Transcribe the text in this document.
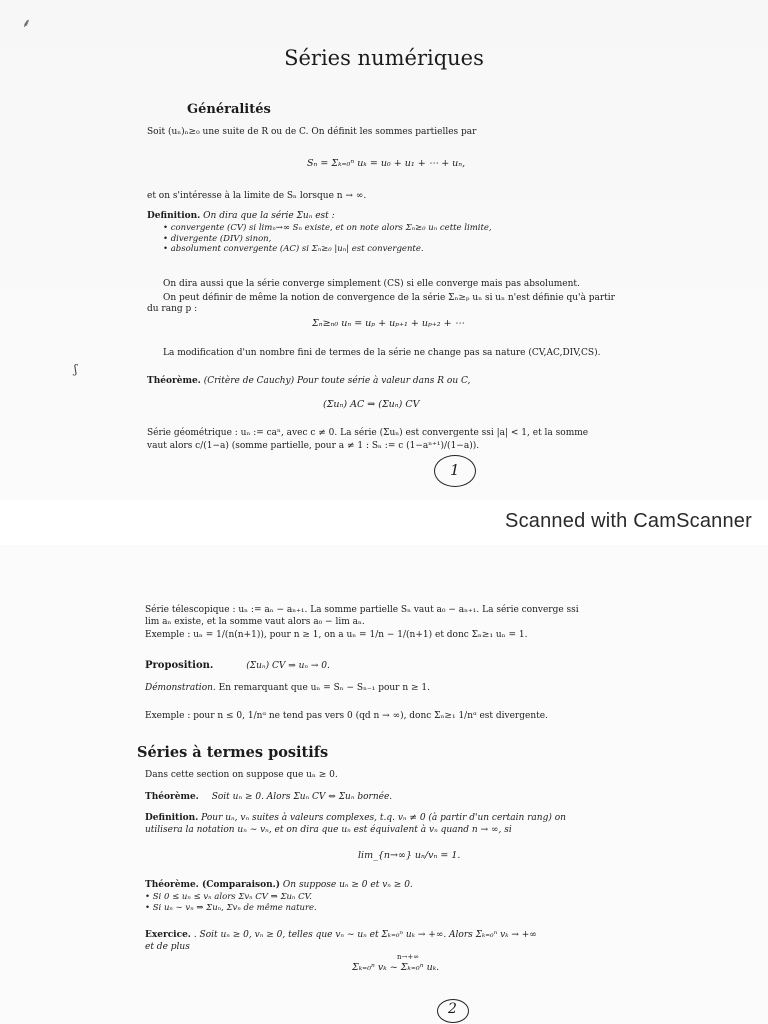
⸙
Séries numériques
Généralités
Soit (uₙ)ₙ≥₀ une suite de R ou de C. On définit les sommes partielles par
Sₙ = Σₖ₌₀ⁿ uₖ = u₀ + u₁ + ⋯ + uₙ,
et on s'intéresse à la limite de Sₙ lorsque n → ∞.
Definition. On dira que la série Σuₙ est :
• convergente (CV) si limₙ→∞ Sₙ existe, et on note alors Σₙ≥₀ uₙ cette limite,
• divergente (DIV) sinon,
• absolument convergente (AC) si Σₙ≥₀ |uₙ| est convergente.
On dira aussi que la série converge simplement (CS) si elle converge mais pas absolument.
On peut définir de même la notion de convergence de la série Σₙ≥ₚ uₙ si uₙ n'est définie qu'à partir
du rang p :
Σₙ≥ₙ₀ uₙ = uₚ + uₚ₊₁ + uₚ₊₂ + ⋯
La modification d'un nombre fini de termes de la série ne change pas sa nature (CV,AC,DIV,CS).
ʃ
Théorème. (Critère de Cauchy) Pour toute série à valeur dans R ou C,
(Σuₙ) AC ⇒ (Σuₙ) CV
Série géométrique : uₙ := caⁿ, avec c ≠ 0. La série (Σuₙ) est convergente ssi |a| < 1, et la somme
vaut alors c/(1−a) (somme partielle, pour a ≠ 1 : Sₙ := c (1−aⁿ⁺¹)/(1−a)).
1
Scanned with CamScanner
Série télescopique : uₙ := aₙ − aₙ₊₁. La somme partielle Sₙ vaut a₀ − aₙ₊₁. La série converge ssi
lim aₙ existe, et la somme vaut alors a₀ − lim aₙ.
Exemple : uₙ = 1/(n(n+1)), pour n ≥ 1, on a uₙ = 1/n − 1/(n+1) et donc Σₙ≥₁ uₙ = 1.
Proposition.	(Σuₙ) CV ⇒ uₙ → 0.
Démonstration. En remarquant que uₙ = Sₙ − Sₙ₋₁ pour n ≥ 1.
Exemple : pour n ≤ 0, 1/nᵅ ne tend pas vers 0 (qd n → ∞), donc Σₙ≥₁ 1/nᵅ est divergente.
Séries à termes positifs
Dans cette section on suppose que uₙ ≥ 0.
Théorème. Soit uₙ ≥ 0. Alors Σuₙ CV ⇔ Σuₙ bornée.
Definition. Pour uₙ, vₙ suites à valeurs complexes, t.q. vₙ ≠ 0 (à partir d'un certain rang) on
utilisera la notation uₙ ∼ vₙ, et on dira que uₙ est équivalent à vₙ quand n → ∞, si
lim_{n→∞} uₙ/vₙ = 1.
Théorème. (Comparaison.) On suppose uₙ ≥ 0 et vₙ ≥ 0.
• Si 0 ≤ uₙ ≤ vₙ alors Σvₙ CV ⇒ Σuₙ CV.
• Si uₙ ∼ vₙ ⇒ Σuₙ, Σvₙ de même nature.
Exercice. . Soit uₙ ≥ 0, vₙ ≥ 0, telles que vₙ ∼ uₙ et Σₖ₌₀ⁿ uₖ → +∞. Alors Σₖ₌₀ⁿ vₖ → +∞
et de plus
n→+∞
Σₖ₌₀ⁿ vₖ ~ Σₖ₌₀ⁿ uₖ.
2
